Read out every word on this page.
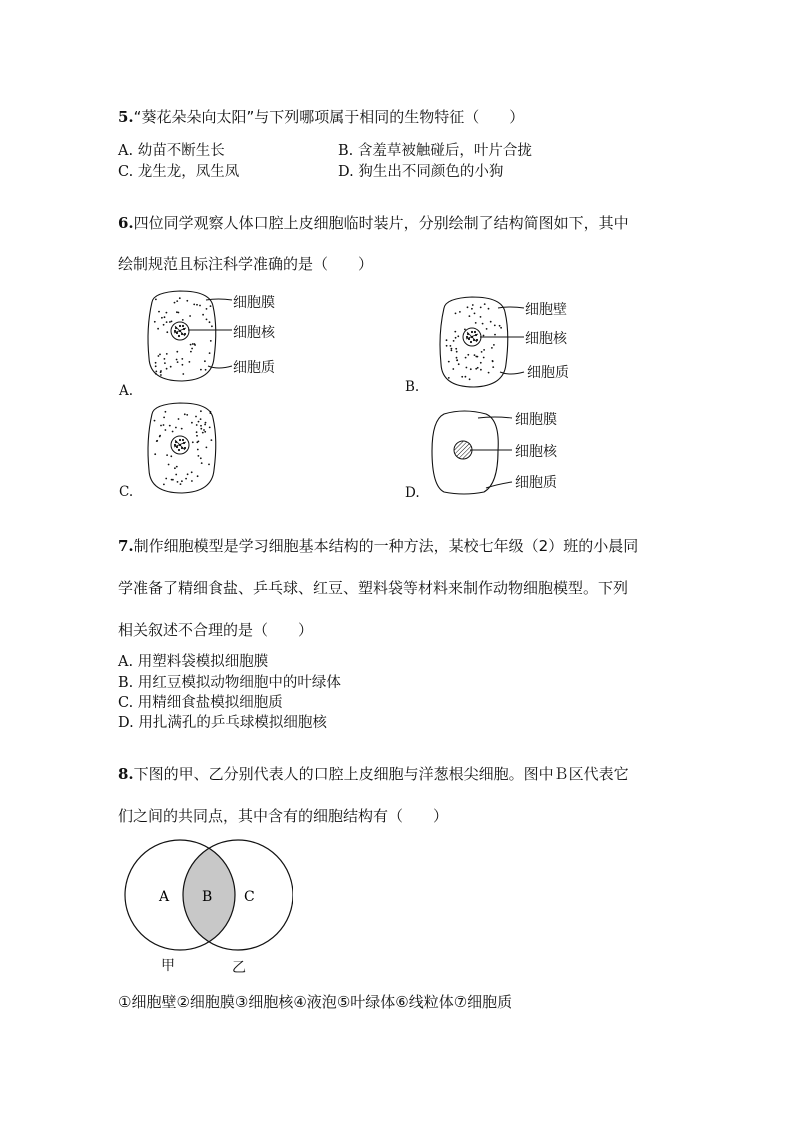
5.“葵花朵朵向太阳”与下列哪项属于相同的生物特征（　　）
A. 幼苗不断生长	B. 含羞草被触碰后，叶片合拢
C. 龙生龙，凤生凤	D. 狗生出不同颜色的小狗
6.四位同学观察人体口腔上皮细胞临时装片，分别绘制了结构简图如下，其中
绘制规范且标注科学准确的是（　　）
细胞膜
细胞核
细胞质
A.
细胞壁
细胞核
细胞质
B.
C.
细胞膜
细胞核
细胞质
D.
7.制作细胞模型是学习细胞基本结构的一种方法，某校七年级（2）班的小晨同
学准备了精细食盐、乒乓球、红豆、塑料袋等材料来制作动物细胞模型。下列
相关叙述不合理的是（　　）
A. 用塑料袋模拟细胞膜
B. 用红豆模拟动物细胞中的叶绿体
C. 用精细食盐模拟细胞质
D. 用扎满孔的乒乓球模拟细胞核
8.下图的甲、乙分别代表人的口腔上皮细胞与洋葱根尖细胞。图中Ｂ区代表它
们之间的共同点，其中含有的细胞结构有（　　）
A B C
甲	乙
①细胞壁②细胞膜③细胞核④液泡⑤叶绿体⑥线粒体⑦细胞质
